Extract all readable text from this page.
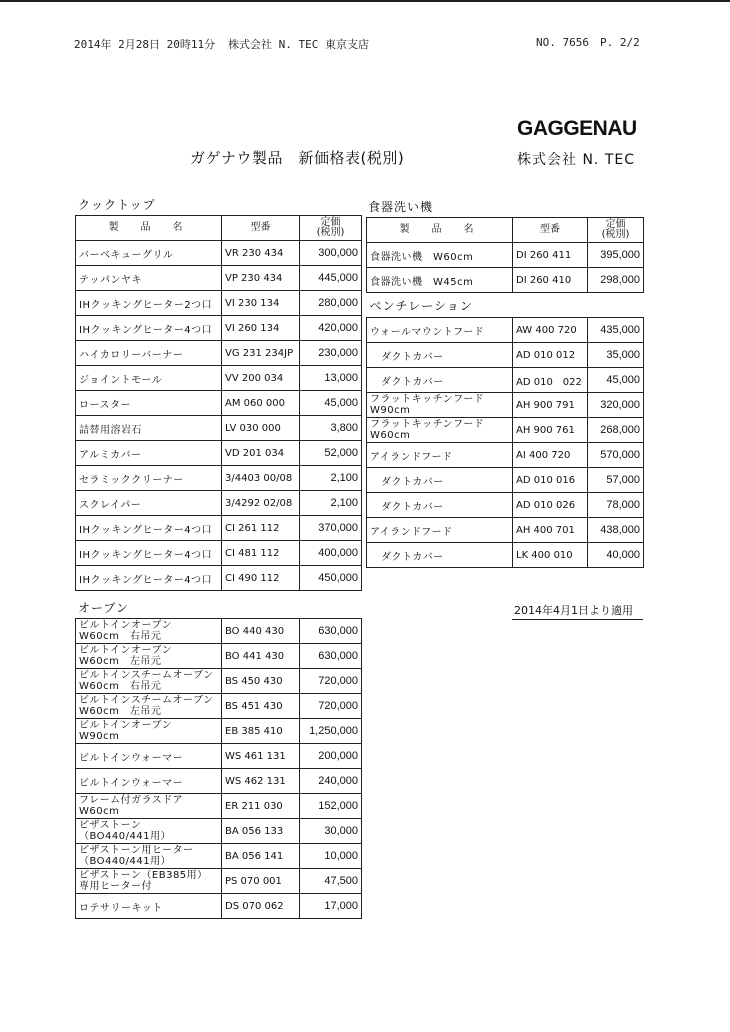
2014年 2月28日 20時11分 株式会社 N. TEC 東京支店	NO. 7656 P. 2/2
GAGGENAU
ガゲナウ製品　新価格表(税別)	株式会社 N. TEC
クックトップ	食器洗い機
オーブン
製　品　名	型番	定価
(税別)

バーベキューグリル	VR 230 434	300,000
テッパンヤキ	VP 230 434	445,000
IHクッキングヒーター2つ口	VI 230 134	280,000
IHクッキングヒーター4つ口	VI 260 134	420,000
ハイカロリーバーナー	VG 231 234JP	230,000
ジョイントモール	VV 200 034	13,000
ロースター	AM 060 000	45,000
詰替用溶岩石	LV 030 000	3,800
アルミカバー	VD 201 034	52,000
セラミッククリーナー	3/4403 00/08	2,100
スクレイパー	3/4292 02/08	2,100
IHクッキングヒーター4つ口	CI 261 112	370,000
IHクッキングヒーター4つ口	CI 481 112	400,000
IHクッキングヒーター4つ口	CI 490 112	450,000
ビルトインオーブン
W60cm　右吊元	BO 440 430	630,000

ビルトインオーブン
W60cm　左吊元	BO 441 430	630,000

ビルトインスチームオーブン
W60cm　右吊元	BS 450 430	720,000

ビルトインスチームオーブン
W60cm　左吊元	BS 451 430	720,000

ビルトインオーブン
W90cm	EB 385 410	1,250,000
ビルトインウォーマー	WS 461 131	200,000
ビルトインウォーマー	WS 462 131	240,000

フレーム付ガラスドア
W60cm	ER 211 030	152,000

ピザストーン
（BO440/441用）	BA 056 133	30,000

ピザストーン用ヒーター
（BO440/441用）	BA 056 141	10,000

ピザストーン（EB385用）
専用ヒーター付	PS 070 001	47,500
ロテサリーキット	DS 070 062	17,000
製　品　名	型番	定価
(税別)

食器洗い機　W60cm	DI 260 411	395,000
食器洗い機　W45cm	DI 260 410	298,000
ベンチレーション		
ウォールマウントフード	AW 400 720	435,000
ダクトカバー	AD 010 012	35,000
ダクトカバー	AD 010　022	45,000

フラットキッチンフード
W90cm	AH 900 791	320,000

フラットキッチンフード
W60cm	AH 900 761	268,000
アイランドフード	AI 400 720	570,000
ダクトカバー	AD 010 016	57,000
ダクトカバー	AD 010 026	78,000
アイランドフード	AH 400 701	438,000
ダクトカバー	LK 400 010	40,000
2014年4月1日より適用
